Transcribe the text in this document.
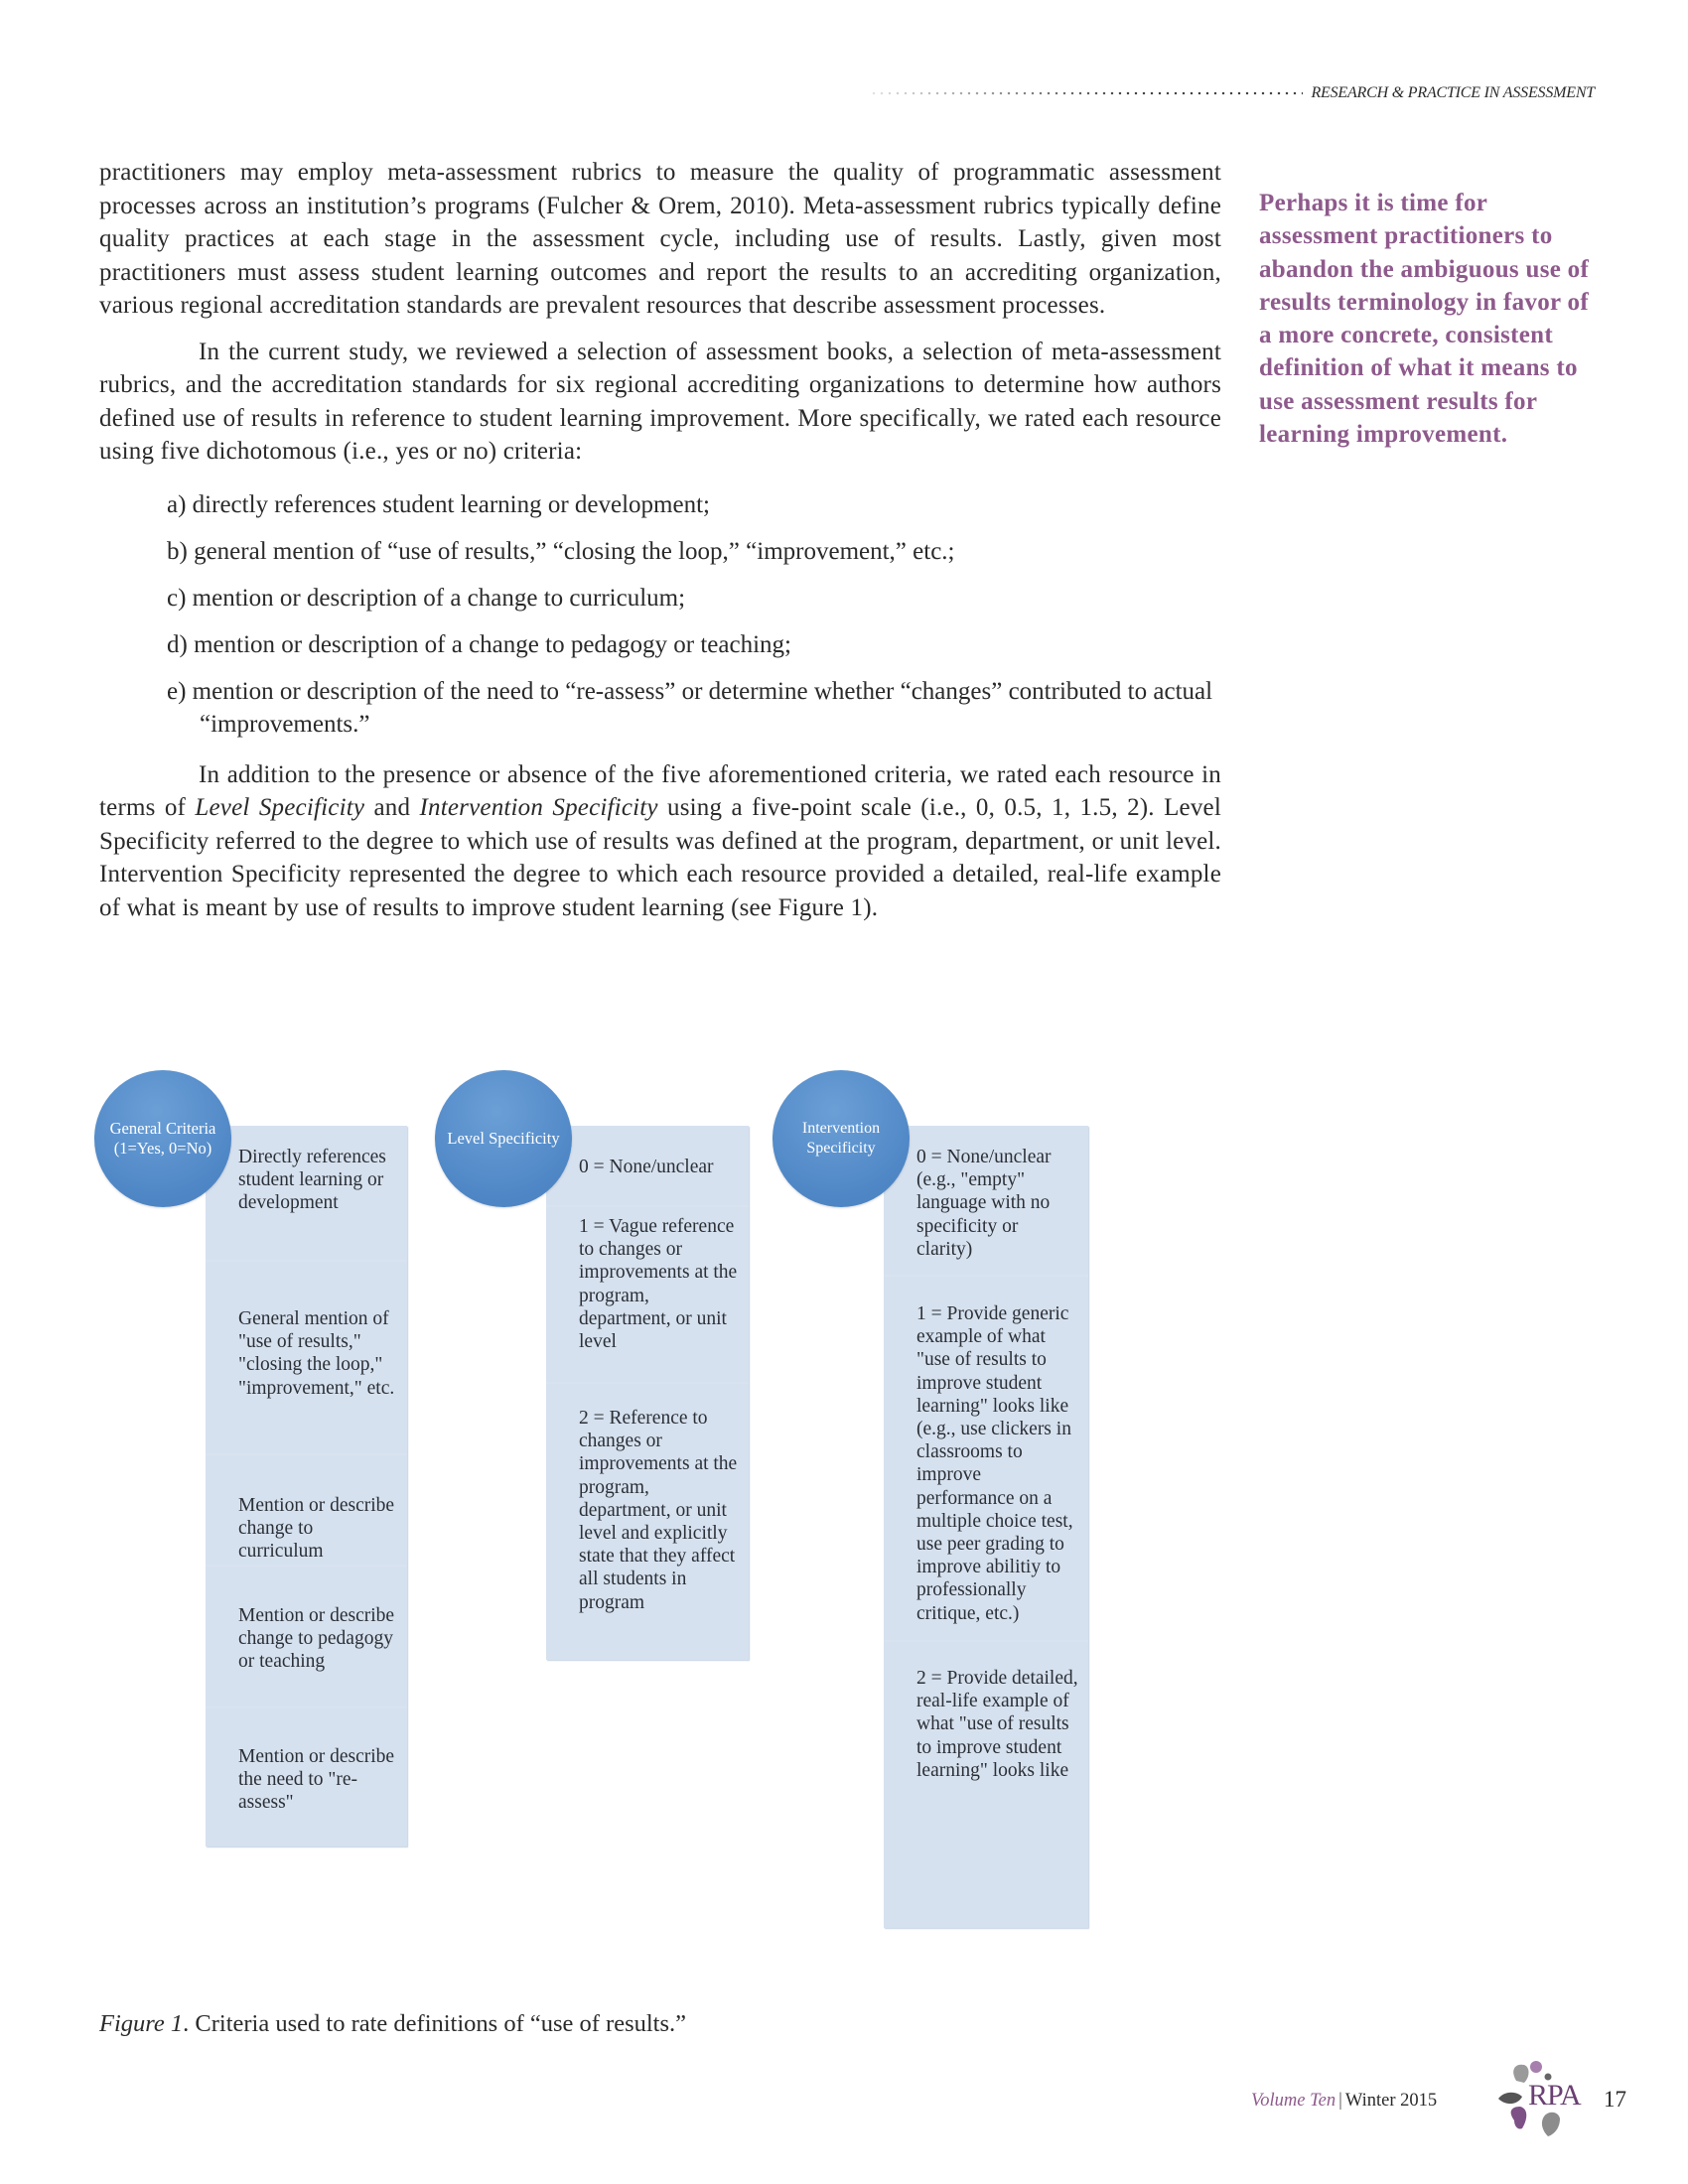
RESEARCH & PRACTICE IN ASSESSMENT

practitioners may employ meta-assessment rubrics to measure the quality of programmatic assessment processes across an institution’s programs (Fulcher & Orem, 2010). Meta-assessment rubrics typically define quality practices at each stage in the assessment cycle, including use of results. Lastly, given most practitioners must assess student learning outcomes and report the results to an accrediting organization, various regional accreditation standards are prevalent resources that describe assessment processes.

In the current study, we reviewed a selection of assessment books, a selection of meta-assessment rubrics, and the accreditation standards for six regional accrediting organizations to determine how authors defined use of results in reference to student learning improvement. More specifically, we rated each resource using five dichotomous (i.e., yes or no) criteria:

a) directly references student learning or development;
b) general mention of “use of results,” “closing the loop,” “improvement,” etc.;
c) mention or description of a change to curriculum;
d) mention or description of a change to pedagogy or teaching;
e) mention or description of the need to “re-assess” or determine whether “changes” contributed to actual “improvements.”

In addition to the presence or absence of the five aforementioned criteria, we rated each resource in terms of Level Specificity and Intervention Specificity using a five-point scale (i.e., 0, 0.5, 1, 1.5, 2). Level Specificity referred to the degree to which use of results was defined at the program, department, or unit level. Intervention Specificity represented the degree to which each resource provided a detailed, real-life example of what is meant by use of results to improve student learning (see Figure 1).

Perhaps it is time for assessment practitioners to abandon the ambiguous use of results terminology in favor of a more concrete, consistent definition of what it means to use assessment results for learning improvement.
General Criteria (1=Yes, 0=No)	Directly references student learning or development
General mention of "use of results," "closing the loop," "improvement," etc.
Mention or describe change to curriculum
Mention or describe change to pedagogy or teaching
Mention or describe the need to "re-assess"
Level Specificity
0 = None/unclear
1 = Vague reference to changes or improvements at the program, department, or unit level
2 = Reference to changes or improvements at the program, department, or unit level and explicitly state that they affect all students in program
Intervention Specificity	0 = None/unclear (e.g., "empty" language with no specificity or clarity)
1 = Provide generic example of what "use of results to improve student learning" looks like (e.g., use clickers in classrooms to improve performance on a multiple choice test, use peer grading to improve abilitiy to professionally critique, etc.)
2 = Provide detailed, real-life example of what "use of results to improve student learning" looks like
Figure 1. Criteria used to rate definitions of “use of results.”
Volume Ten | Winter 2015	RPA 17
